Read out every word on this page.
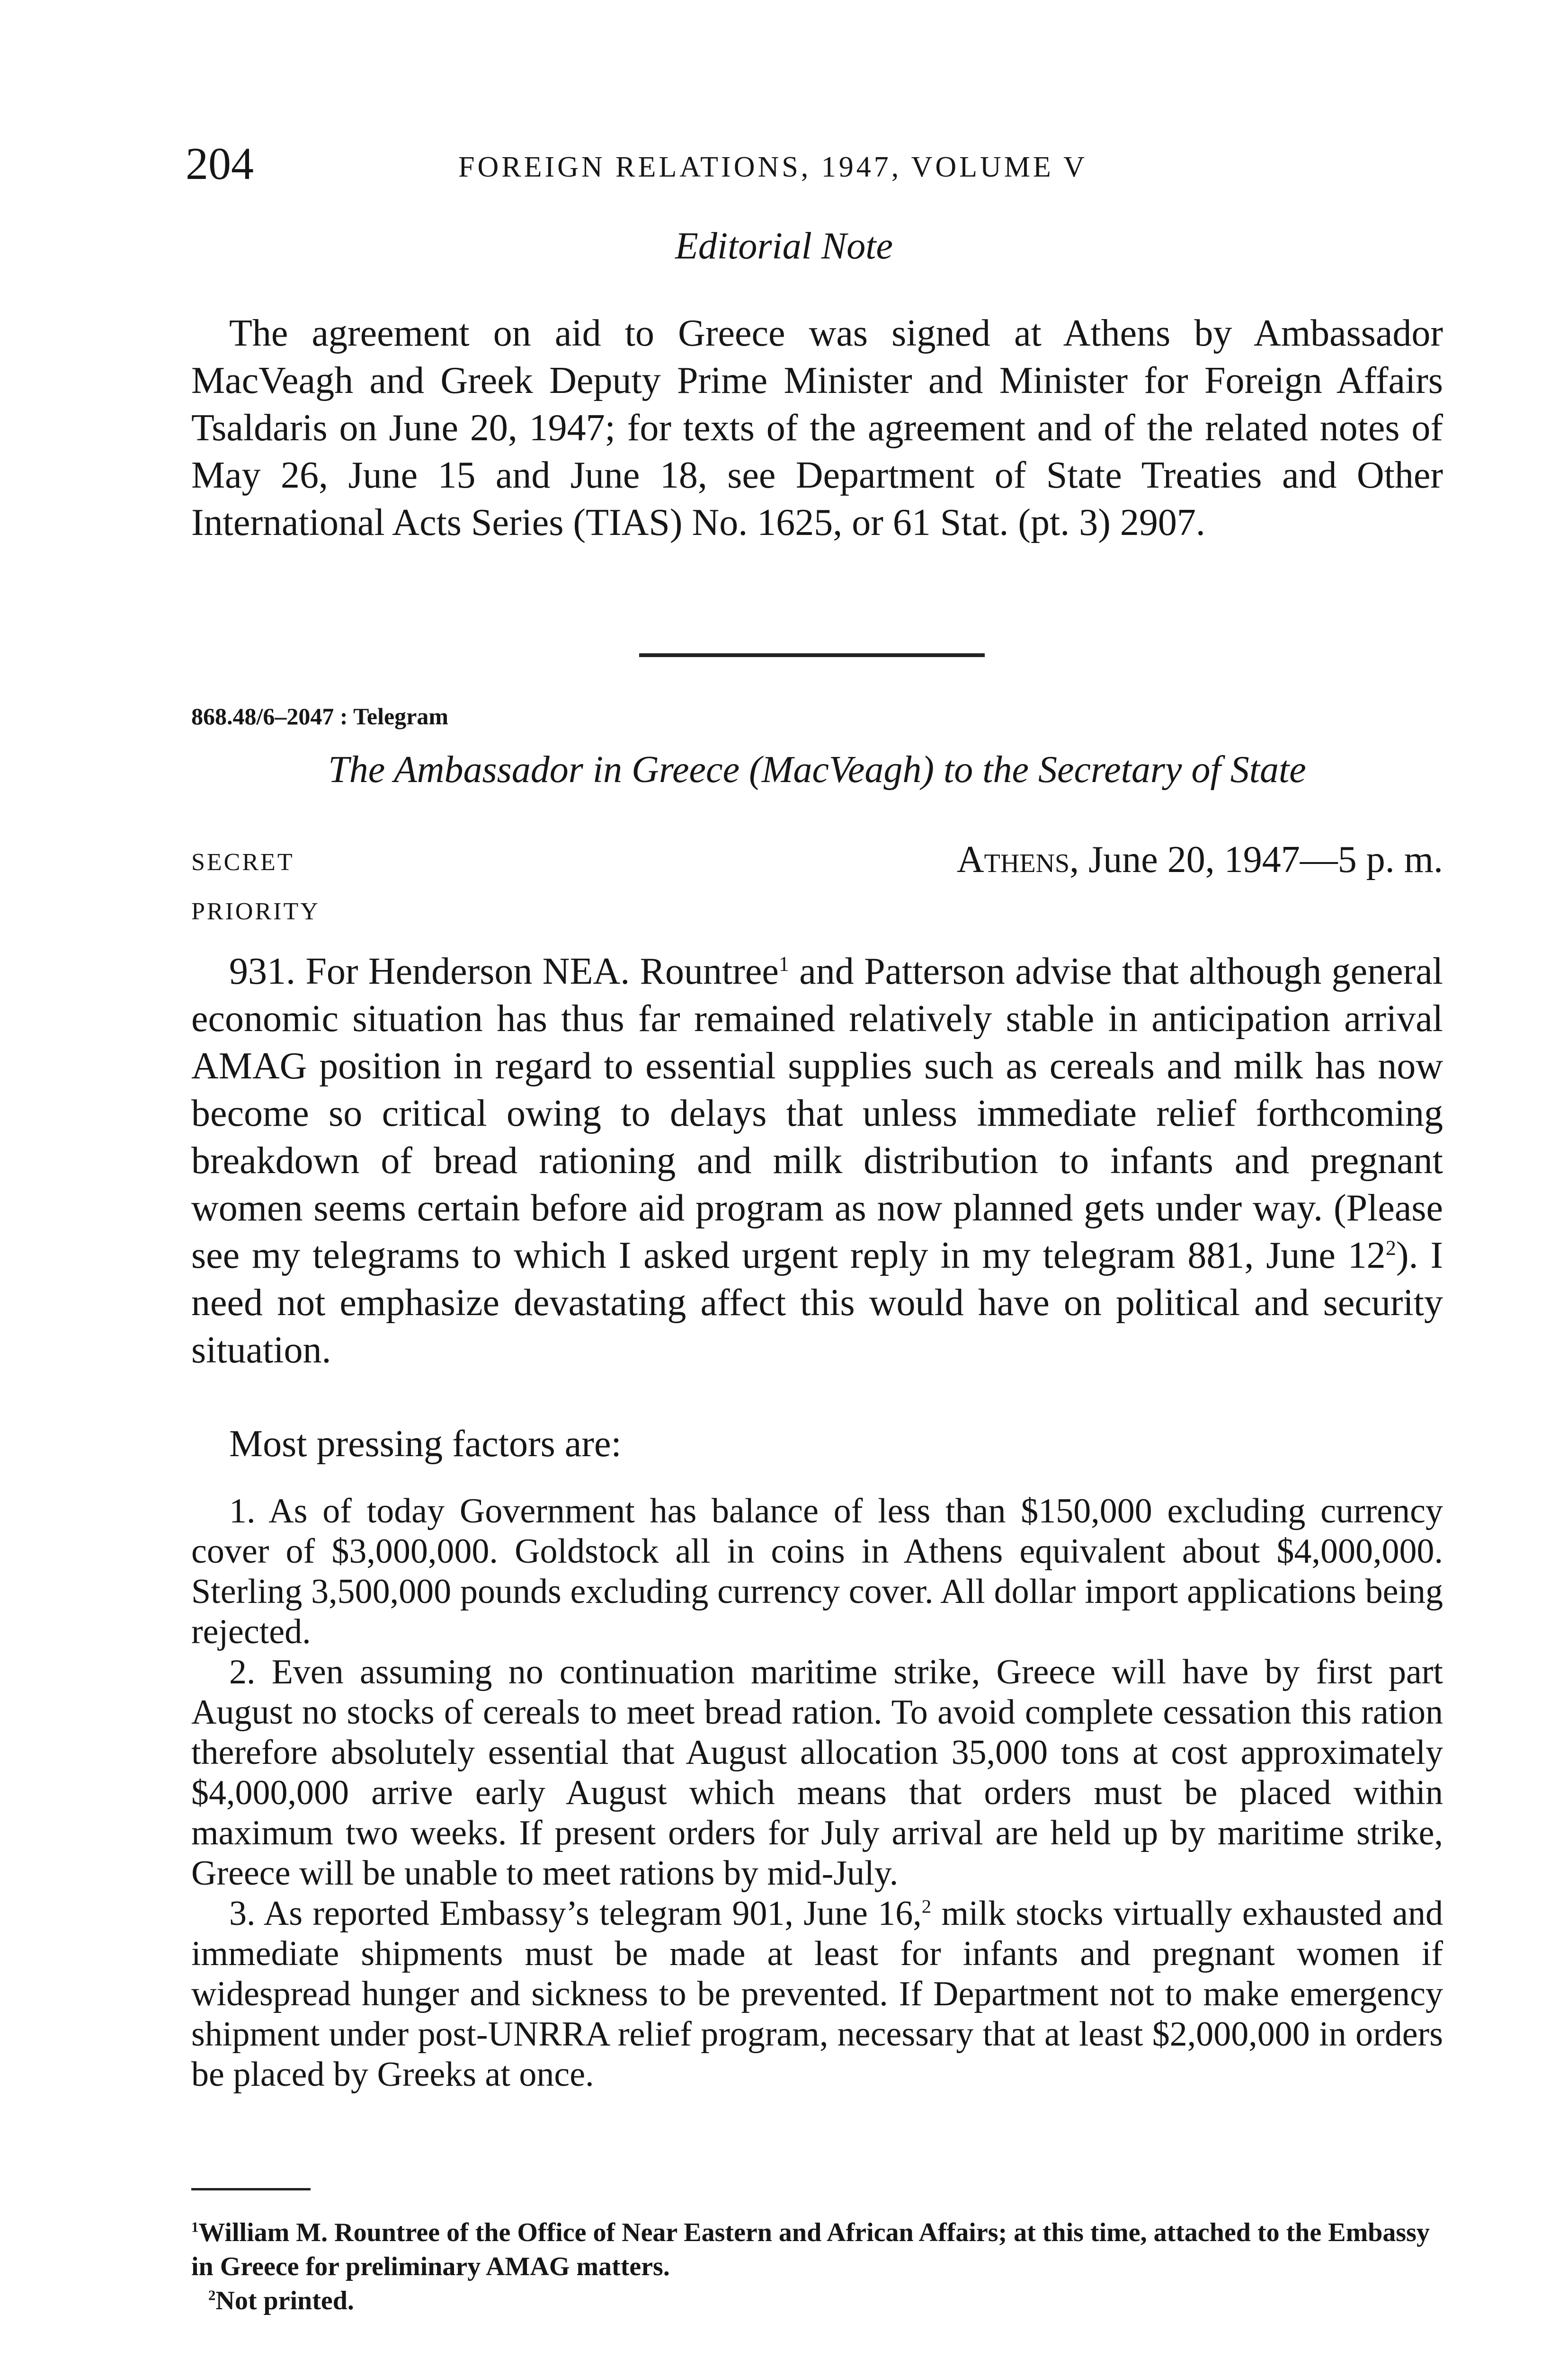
204	FOREIGN RELATIONS, 1947, VOLUME V
Editorial Note
The agreement on aid to Greece was signed at Athens by Ambassador MacVeagh and Greek Deputy Prime Minister and Minister for Foreign Affairs Tsaldaris on June 20, 1947; for texts of the agreement and of the related notes of May 26, June 15 and June 18, see Department of State Treaties and Other International Acts Series (TIAS) No. 1625, or 61 Stat. (pt. 3) 2907.
868.48/6–2047 : Telegram
The Ambassador in Greece (MacVeagh) to the Secretary of State
SECRET
PRIORITY
Athens, June 20, 1947—5 p. m.
931. For Henderson NEA. Rountree$^1$ and Patterson advise that although general economic situation has thus far remained relatively stable in anticipation arrival AMAG position in regard to essential supplies such as cereals and milk has now become so critical owing to delays that unless immediate relief forthcoming breakdown of bread rationing and milk distribution to infants and pregnant women seems certain before aid program as now planned gets under way. (Please see my telegrams to which I asked urgent reply in my telegram 881, June $12^2$). I need not emphasize devastating affect this would have on political and security situation.
Most pressing factors are:

1. As of today Government has balance of less than $150,000 excluding currency cover of $3,000,000. Goldstock all in coins in Athens equivalent about $4,000,000. Sterling 3,500,000 pounds excluding currency cover. All dollar import applications being rejected.

2. Even assuming no continuation maritime strike, Greece will have by first part August no stocks of cereals to meet bread ration. To avoid complete cessation this ration therefore absolutely essential that August allocation 35,000 tons at cost approximately $4,000,000 arrive early August which means that orders must be placed within maximum two weeks. If present orders for July arrival are held up by maritime strike, Greece will be unable to meet rations by mid-July.

3. As reported Embassy’s telegram 901, June 16,$^2$ milk stocks virtually exhausted and immediate shipments must be made at least for infants and pregnant women if widespread hunger and sickness to be prevented. If Department not to make emergency shipment under post-UNRRA relief program, necessary that at least $2,000,000 in orders be placed by Greeks at once.

$^1$William M. Rountree of the Office of Near Eastern and African Affairs; at this time, attached to the Embassy in Greece for preliminary AMAG matters.

$^2$Not printed.
